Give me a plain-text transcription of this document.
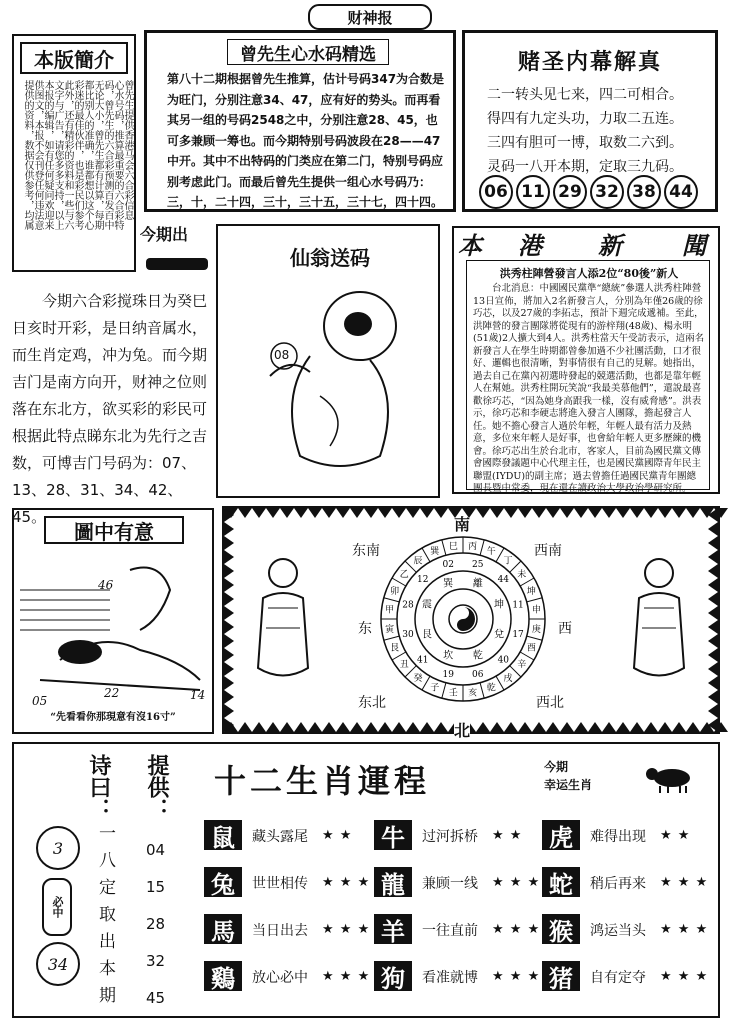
财神报
本版簡介
曾先生提供香港马会六合彩信息
心水号码，推算最重要的六合彩特
码，曾先生的六合彩预测百发百中
无论大小，曾先生都有计算，每期
都比别人的准确，谁都想以这个心
彩迷的最佳伙伴，也是彩民们参考
此外，还有精彩的资料和一些与六
文字与广告，请您多多支持，以上
本报的编辑，如有任何疑问欢迎来
供图文，本报不会刊登任何违法意
提供的资料，数据仅供参考，均属
曾先生心水码精选
第八十二期根据曾先生推算，估计号码347为合数是为旺门，分别注意34、47，应有好的势头。而再看其另一组的号码2548之中，分别注意28、45，也可多兼顾一筹也。而今期特别号码波段在28——47中开。其中不出特码的门类应在第二门，特别号码应别考虑此门。而最后曾先生提供一组心水号码乃：三，十，二十四，三十，三十五，三十七，四十四。
赌圣内幕解真
二一转头见七来，四二可相合。
得四有九定头功，力取二五连。
三四有胆可一博，取数二六到。
灵码一八开本期，定取三九码。
06 11 29 32 38 44
今期出
仙翁送码
08
本 港 新	聞
洪秀柱陣營發言人添2位“80後”新人
台北消息：中國國民黨準“總統”參選人洪秀柱陣營13日宣佈，將加入2名新發言人，分別為年僅26歲的徐巧芯，以及27歲的李拓志，預計下週完成遞補。至此，洪陣營的發言團隊將從現有的游梓翔(48歲)、楊永明(51歲)2人擴大到4人。洪秀柱當天午受訪表示，這兩名新發言人在學生時期都曾參加過不少社團活動，口才很好、邏輯也很清晰，對事情很有自己的見解。她指出，過去自己在黨內初選時發起的競選活動，也都是靠年輕人在幫她。洪秀柱開玩笑說“我最美慕他們”，還說最喜歡徐巧芯，“因為她身高跟我一樣，沒有威脅感”。洪表示，徐巧芯和李硬志將進入發言人團隊，擔起發言人任。她不擔心發言人過於年輕，年輕人最有活力及熱意，多位來年輕人是好事，也會給年輕人更多歷練的機會。徐巧芯出生於台北市，客家人，目前為國民黨文傳會國際發議題中心代理主任，也是國民黨國際青年民主聯盟(IYDU)的副主席；過去曾擔任過國民黨青年團總團長暨中常委，現在還在讀政治大學政治學研究所。
今期六合彩搅珠日为癸巳日亥时开彩，是日纳音属水，而生肖定鸡，冲为兔。而今期吉门是南方向开，财神之位则落在东北方，欲买彩的彩民可根据此特点睇东北为先行之吉数，可博吉门号码为：07、13、28、31、34、42、45。
圖中有意
46
05
22	14
“先看看你那現意有沒16寸”
南
北
东南	西南
东	西
东北	西北
丙 午
丁
未
坤
申
庚
酉
辛
戌
乾
亥
壬
子
癸
丑
艮
寅
甲
卯
乙
辰
巽 巳
25
44
11
17
40
06
19
41
30
28
12
02
離
坤
兌
乾
坎
艮
震
巽
诗曰： 提供：
一八定取出本期 04
15
28
32
45
3
必中
34
十二生肖運程	今期
幸运生肖
鼠	藏头露尾 ★ ★ 牛	过河拆桥 ★ ★ 虎	难得出现 ★ ★
兔	世世相传 ★ ★ ★ 龍	兼顾一线 ★ ★ ★ 蛇	稍后再来 ★ ★ ★
馬	当日出去 ★ ★ ★ 羊	一往直前 ★ ★ ★ 猴	鸿运当头 ★ ★ ★
鷄	放心必中 ★ ★ ★ 狗	看准就博 ★ ★ ★ 猪	自有定夺 ★ ★ ★
